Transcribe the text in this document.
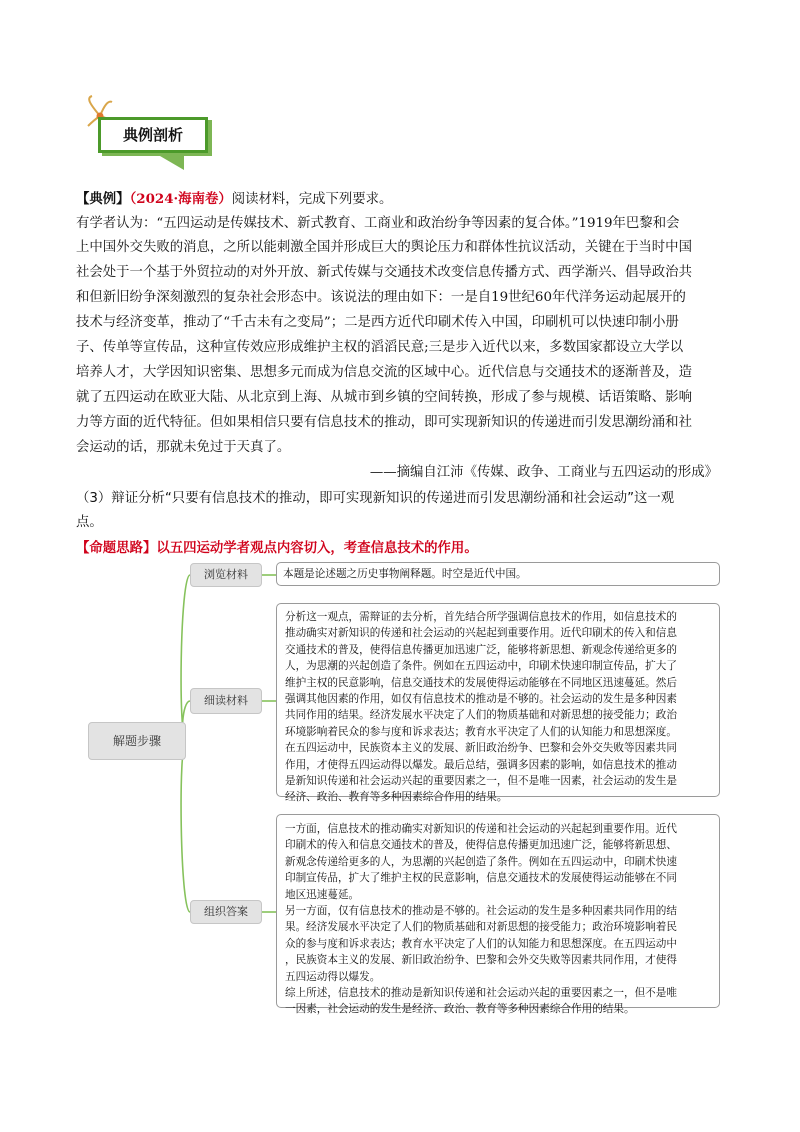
典例剖析
【典例】（2024·海南卷）阅读材料，完成下列要求。
有学者认为：“五四运动是传媒技术、新式教育、工商业和政治纷争等因素的复合体。”1919年巴黎和会
上中国外交失败的消息，之所以能刺激全国并形成巨大的舆论压力和群体性抗议活动，关键在于当时中国
社会处于一个基于外贸拉动的对外开放、新式传媒与交通技术改变信息传播方式、西学渐兴、倡导政治共
和但新旧纷争深刻激烈的复杂社会形态中。该说法的理由如下：一是自19世纪60年代洋务运动起展开的
技术与经济变革，推动了“千古未有之变局”；二是西方近代印刷术传入中国，印刷机可以快速印制小册
子、传单等宣传品，这种宣传效应形成维护主权的滔滔民意;三是步入近代以来，多数国家都设立大学以
培养人才，大学因知识密集、思想多元而成为信息交流的区域中心。近代信息与交通技术的逐渐普及，造
就了五四运动在欧亚大陆、从北京到上海、从城市到乡镇的空间转换，形成了参与规模、话语策略、影响
力等方面的近代特征。但如果相信只要有信息技术的推动，即可实现新知识的传递进而引发思潮纷涌和社
会运动的话，那就未免过于天真了。
——摘编自江沛《传媒、政争、工商业与五四运动的形成》
（3）辩证分析“只要有信息技术的推动，即可实现新知识的传递进而引发思潮纷涌和社会运动”这一观
点。
【命题思路】以五四运动学者观点内容切入，考查信息技术的作用。
解题步骤
浏览材料
细读材料
组织答案
本题是论述题之历史事物阐释题。时空是近代中国。
分析这一观点，需辩证的去分析，首先结合所学强调信息技术的作用，如信息技术的
推动确实对新知识的传递和社会运动的兴起起到重要作用。近代印刷术的传入和信息
交通技术的普及，使得信息传播更加迅速广泛，能够将新思想、新观念传递给更多的
人，为思潮的兴起创造了条件。例如在五四运动中，印刷术快速印制宣传品，扩大了
维护主权的民意影响，信息交通技术的发展使得运动能够在不同地区迅速蔓延。然后
强调其他因素的作用，如仅有信息技术的推动是不够的。社会运动的发生是多种因素
共同作用的结果。经济发展水平决定了人们的物质基础和对新思想的接受能力；政治
环境影响着民众的参与度和诉求表达；教育水平决定了人们的认知能力和思想深度。
在五四运动中，民族资本主义的发展、新旧政治纷争、巴黎和会外交失败等因素共同
作用，才使得五四运动得以爆发。最后总结，强调多因素的影响，如信息技术的推动
是新知识传递和社会运动兴起的重要因素之一，但不是唯一因素，社会运动的发生是
经济、政治、教育等多种因素综合作用的结果。
一方面，信息技术的推动确实对新知识的传递和社会运动的兴起起到重要作用。近代
印刷术的传入和信息交通技术的普及，使得信息传播更加迅速广泛，能够将新思想、
新观念传递给更多的人，为思潮的兴起创造了条件。例如在五四运动中，印刷术快速
印制宣传品，扩大了维护主权的民意影响，信息交通技术的发展使得运动能够在不同
地区迅速蔓延。
另一方面，仅有信息技术的推动是不够的。社会运动的发生是多种因素共同作用的结
果。经济发展水平决定了人们的物质基础和对新思想的接受能力；政治环境影响着民
众的参与度和诉求表达；教育水平决定了人们的认知能力和思想深度。在五四运动中
，民族资本主义的发展、新旧政治纷争、巴黎和会外交失败等因素共同作用，才使得
五四运动得以爆发。
综上所述，信息技术的推动是新知识传递和社会运动兴起的重要因素之一，但不是唯
一因素，社会运动的发生是经济、政治、教育等多种因素综合作用的结果。
